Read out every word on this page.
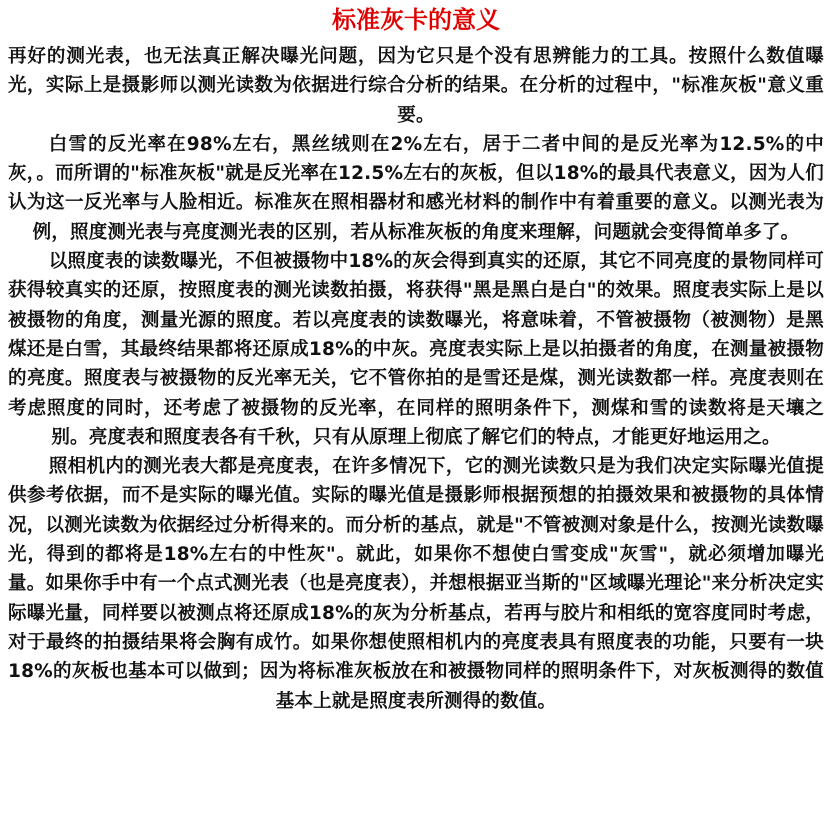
标准灰卡的意义

再好的测光表，也无法真正解决曝光问题，因为它只是个没有思辨能力的工具。按照什么数值曝光，实际上是摄影师以测光读数为依据进行综合分析的结果。在分析的过程中，"标准灰板"意义重要。

白雪的反光率在98%左右，黑丝绒则在2%左右，居于二者中间的是反光率为12.5%的中灰，。而所谓的"标准灰板"就是反光率在12.5%左右的灰板，但以18%的最具代表意义，因为人们认为这一反光率与人脸相近。标准灰在照相器材和感光材料的制作中有着重要的意义。以测光表为例，照度测光表与亮度测光表的区别，若从标准灰板的角度来理解，问题就会变得简单多了。

以照度表的读数曝光，不但被摄物中18%的灰会得到真实的还原，其它不同亮度的景物同样可获得较真实的还原，按照度表的测光读数拍摄，将获得"黑是黑白是白"的效果。照度表实际上是以被摄物的角度，测量光源的照度。若以亮度表的读数曝光，将意味着，不管被摄物（被测物）是黑煤还是白雪，其最终结果都将还原成18%的中灰。亮度表实际上是以拍摄者的角度，在测量被摄物的亮度。照度表与被摄物的反光率无关，它不管你拍的是雪还是煤，测光读数都一样。亮度表则在考虑照度的同时，还考虑了被摄物的反光率，在同样的照明条件下，测煤和雪的读数将是天壤之别。亮度表和照度表各有千秋，只有从原理上彻底了解它们的特点，才能更好地运用之。

照相机内的测光表大都是亮度表，在许多情况下，它的测光读数只是为我们决定实际曝光值提供参考依据，而不是实际的曝光值。实际的曝光值是摄影师根据预想的拍摄效果和被摄物的具体情况，以测光读数为依据经过分析得来的。而分析的基点，就是"不管被测对象是什么，按测光读数曝光，得到的都将是18%左右的中性灰"。就此，如果你不想使白雪变成"灰雪"，就必须增加曝光量。如果你手中有一个点式测光表（也是亮度表），并想根据亚当斯的"区域曝光理论"来分析决定实际曝光量，同样要以被测点将还原成18%的灰为分析基点，若再与胶片和相纸的宽容度同时考虑，对于最终的拍摄结果将会胸有成竹。如果你想使照相机内的亮度表具有照度表的功能，只要有一块18%的灰板也基本可以做到；因为将标准灰板放在和被摄物同样的照明条件下，对灰板测得的数值基本上就是照度表所测得的数值。
